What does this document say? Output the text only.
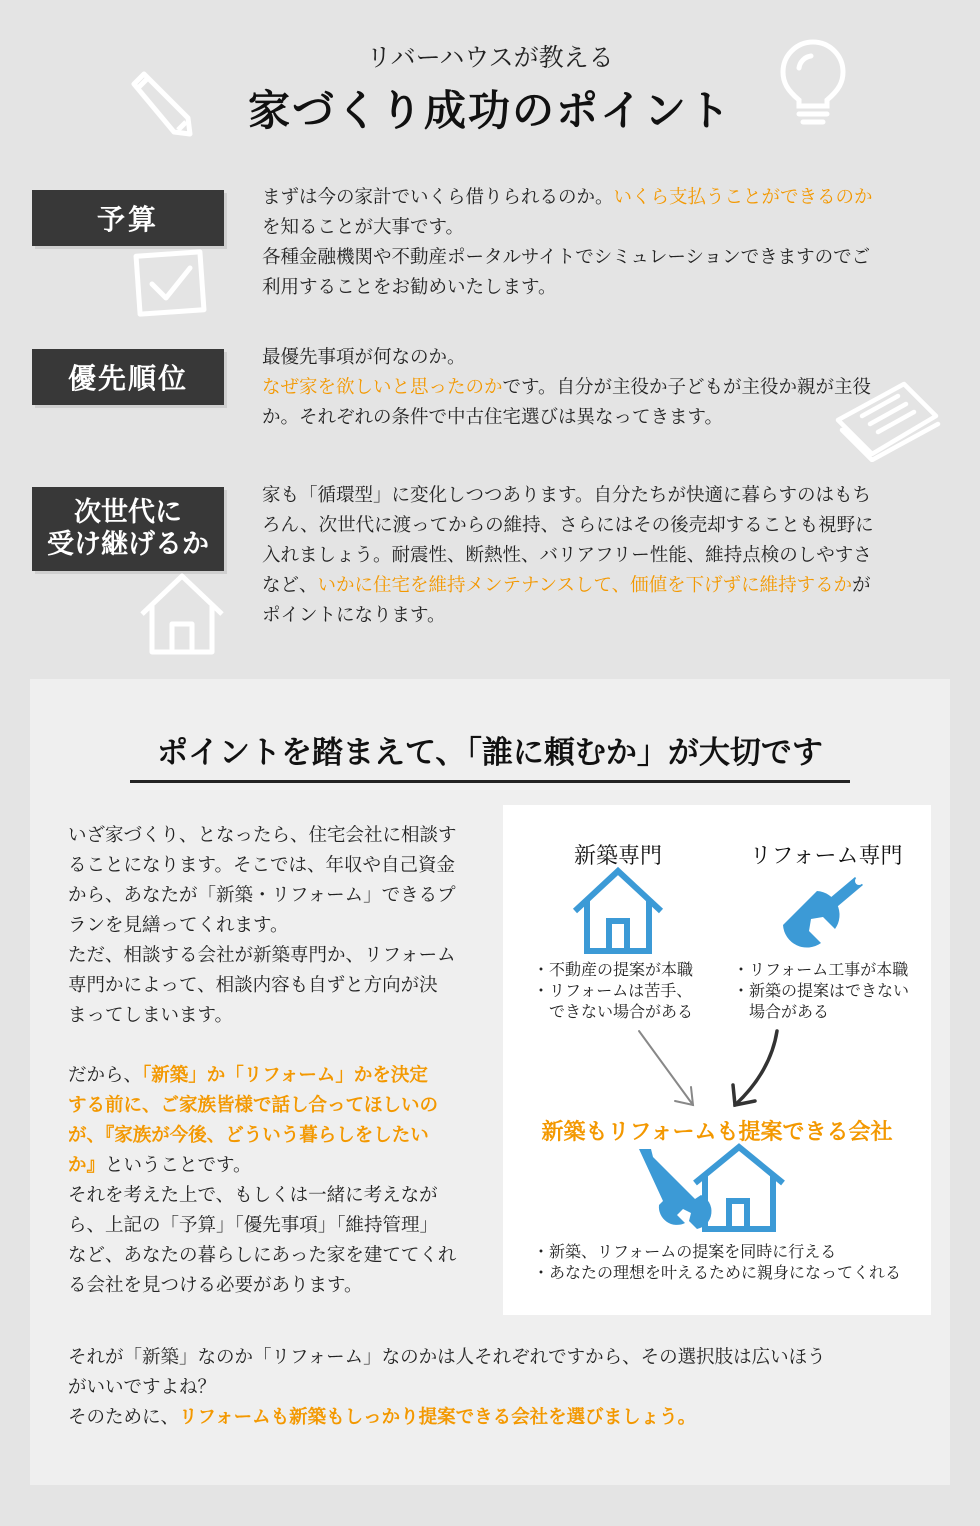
リバーハウスが教える
家づくり成功のポイント
予算
まずは今の家計でいくら借りられるのか。いくら支払うことができるのか
を知ることが大事です。
各種金融機関や不動産ポータルサイトでシミュレーションできますのでご
利用することをお勧めいたします。
優先順位
最優先事項が何なのか。
なぜ家を欲しいと思ったのかです。自分が主役か子どもが主役か親が主役
か。それぞれの条件で中古住宅選びは異なってきます。
次世代に
受け継げるか
家も「循環型」に変化しつつあります。自分たちが快適に暮らすのはもち
ろん、次世代に渡ってからの維持、さらにはその後売却することも視野に
入れましょう。耐震性、断熱性、バリアフリー性能、維持点検のしやすさ
など、いかに住宅を維持メンテナンスして、価値を下げずに維持するかが
ポイントになります。
ポイントを踏まえて、「誰に頼むか」が大切です
いざ家づくり、となったら、住宅会社に相談す
ることになります。そこでは、年収や自己資金
から、あなたが「新築・リフォーム」できるプ
ランを見繕ってくれます。
ただ、相談する会社が新築専門か、リフォーム
専門かによって、相談内容も自ずと方向が決
まってしまいます。
だから、「新築」か「リフォーム」かを決定
する前に、ご家族皆様で話し合ってほしいの
が、『家族が今後、どういう暮らしをしたい
か』ということです。
それを考えた上で、もしくは一緒に考えなが
ら、上記の「予算」「優先事項」「維持管理」
など、あなたの暮らしにあった家を建ててくれ
る会社を見つける必要があります。
新築専門	リフォーム専門
・不動産の提案が本職
・リフォームは苦手、
　できない場合がある
・リフォーム工事が本職
・新築の提案はできない
　場合がある
新築もリフォームも提案できる会社
・新築、リフォームの提案を同時に行える
・あなたの理想を叶えるために親身になってくれる
それが「新築」なのか「リフォーム」なのかは人それぞれですから、その選択肢は広いほう
がいいですよね？
そのために、リフォームも新築もしっかり提案できる会社を選びましょう。
